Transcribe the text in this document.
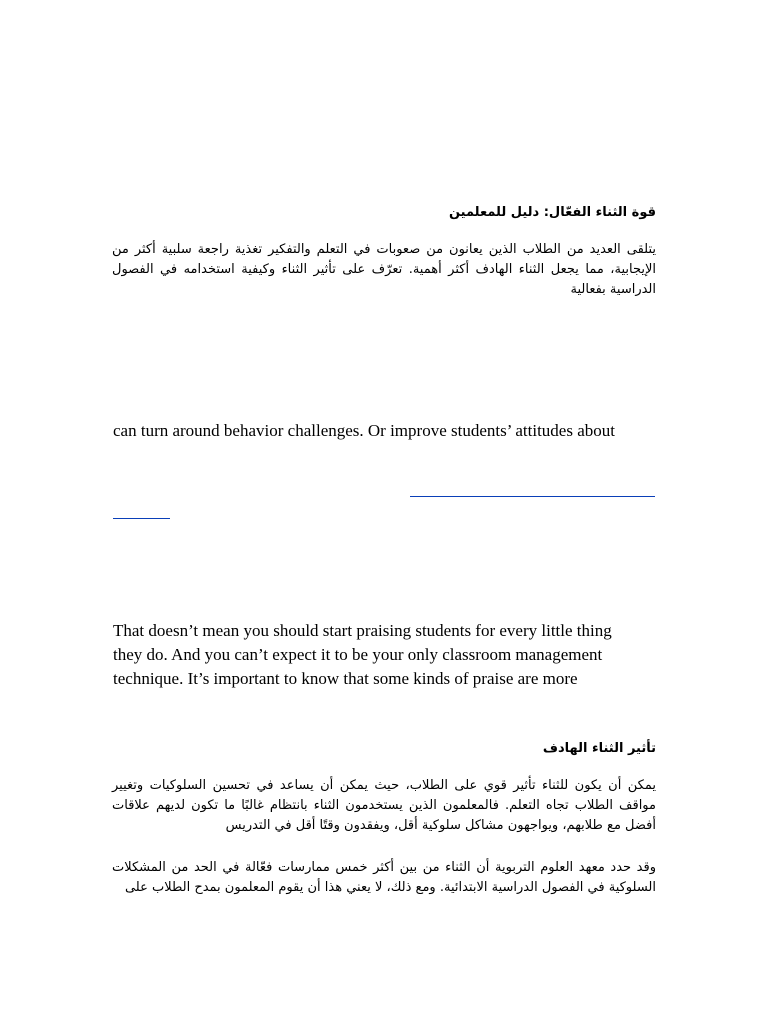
قوة الثناء الفعّال: دليل للمعلمين

يتلقى العديد من الطلاب الذين يعانون من صعوبات في التعلم والتفكير تغذية راجعة سلبية أكثر من الإيجابية، مما يجعل الثناء الهادف أكثر أهمية. تعرّف على تأثير الثناء وكيفية استخدامه في الفصول الدراسية بفعالية

can turn around behavior challenges. Or improve students’ attitudes about

That doesn’t mean you should start praising students for every little thing
they do. And you can’t expect it to be your only classroom management
technique. It’s important to know that some kinds of praise are more

تأثير الثناء الهادف

يمكن أن يكون للثناء تأثير قوي على الطلاب، حيث يمكن أن يساعد في تحسين السلوكيات وتغيير مواقف الطلاب تجاه التعلم. فالمعلمون الذين يستخدمون الثناء بانتظام غالبًا ما تكون لديهم علاقات أفضل مع طلابهم، ويواجهون مشاكل سلوكية أقل، ويفقدون وقتًا أقل في التدريس

وقد حدد معهد العلوم التربوية أن الثناء من بين أكثر خمس ممارسات فعّالة في الحد من المشكلات السلوكية في الفصول الدراسية الابتدائية. ومع ذلك، لا يعني هذا أن يقوم المعلمون بمدح الطلاب على
